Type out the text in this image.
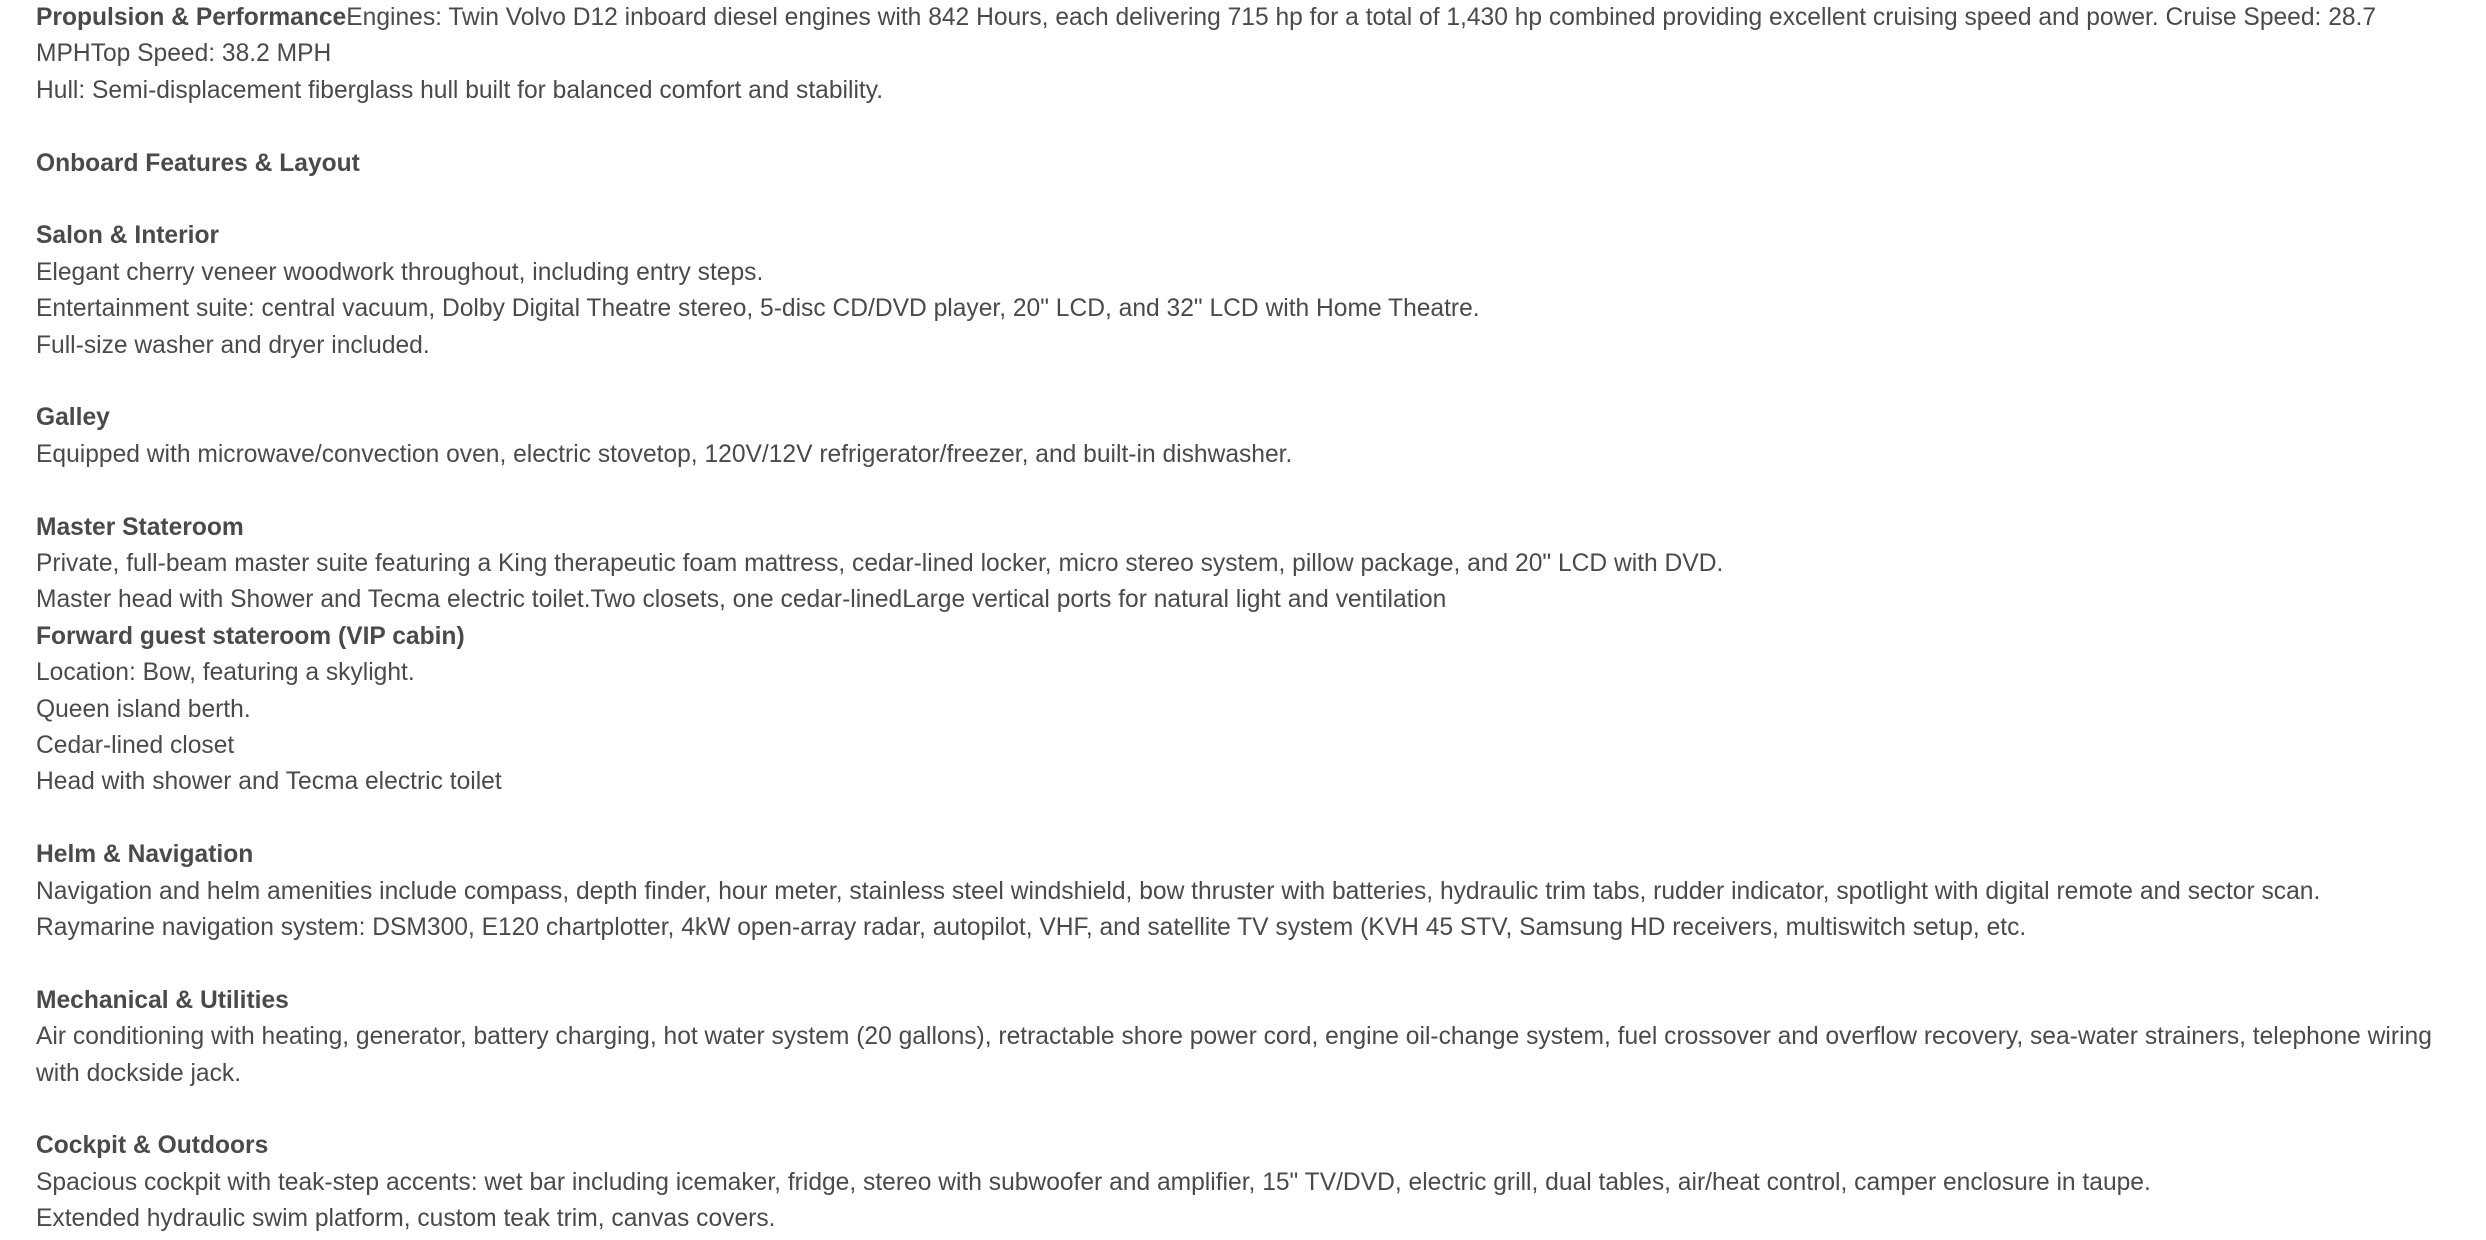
Propulsion & PerformanceEngines: Twin Volvo D12 inboard diesel engines with 842 Hours, each delivering 715 hp for a total of 1,430 hp combined providing excellent cruising speed and power. Cruise Speed: 28.7 MPHTop Speed: 38.2 MPH
Hull: Semi-displacement fiberglass hull built for balanced comfort and stability.
Onboard Features & Layout
Salon & Interior
Elegant cherry veneer woodwork throughout, including entry steps.
Entertainment suite: central vacuum, Dolby Digital Theatre stereo, 5-disc CD/DVD player, 20" LCD, and 32" LCD with Home Theatre.
Full-size washer and dryer included.
Galley
Equipped with microwave/convection oven, electric stovetop, 120V/12V refrigerator/freezer, and built-in dishwasher.
Master Stateroom
Private, full-beam master suite featuring a King therapeutic foam mattress, cedar-lined locker, micro stereo system, pillow package, and 20" LCD with DVD.
Master head with Shower and Tecma electric toilet.Two closets, one cedar-linedLarge vertical ports for natural light and ventilation
Forward guest stateroom (VIP cabin)
Location: Bow, featuring a skylight.
Queen island berth.
Cedar-lined closet
Head with shower and Tecma electric toilet
Helm & Navigation
Navigation and helm amenities include compass, depth finder, hour meter, stainless steel windshield, bow thruster with batteries, hydraulic trim tabs, rudder indicator, spotlight with digital remote and sector scan.
Raymarine navigation system: DSM300, E120 chartplotter, 4kW open-array radar, autopilot, VHF, and satellite TV system (KVH 45 STV, Samsung HD receivers, multiswitch setup, etc.
Mechanical & Utilities
Air conditioning with heating, generator, battery charging, hot water system (20 gallons), retractable shore power cord, engine oil-change system, fuel crossover and overflow recovery, sea-water strainers, telephone wiring with dockside jack.
Cockpit & Outdoors
Spacious cockpit with teak-step accents: wet bar including icemaker, fridge, stereo with subwoofer and amplifier, 15" TV/DVD, electric grill, dual tables, air/heat control, camper enclosure in taupe.
Extended hydraulic swim platform, custom teak trim, canvas covers.
